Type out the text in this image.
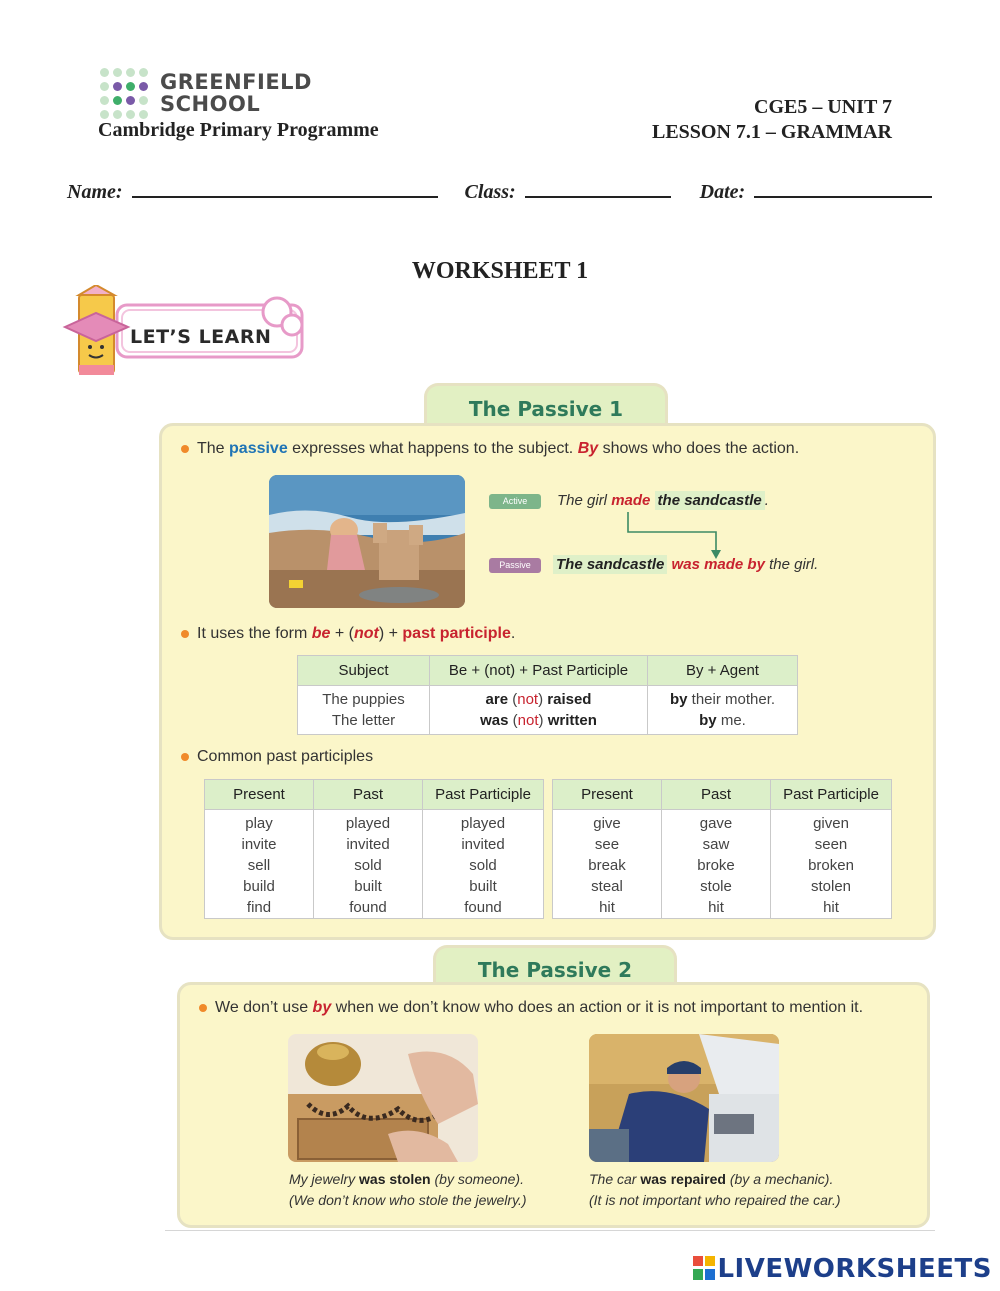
GREENFIELD
SCHOOL
Cambridge Primary Programme
CGE5 – UNIT 7
LESSON 7.1 – GRAMMAR
Name:	Class:	Date:
WORKSHEET 1
LET’S LEARN
The Passive 1
The passive expresses what happens to the subject. By shows who does the action.
Active	The girl made the sandcastle .
Passive	The sandcastle was made by the girl.
It uses the form be + (not) + past participle.
Subject	Be + (not) + Past Participle	By + Agent
The puppies	are (not) raised	by their mother.
The letter	was (not) written	by me.
Common past participles
Present	Past	Past Participle
play	played	played
invite	invited	invited
sell	sold	sold
build	built	built
find	found	found
Present	Past	Past Participle
give	gave	given
see	saw	seen
break	broke	broken
steal	stole	stolen
hit	hit	hit
The Passive 2
We don’t use by when we don’t know who does an action or it is not important to mention it.
My jewelry was stolen (by someone).
(We don’t know who stole the jewelry.)
The car was repaired (by a mechanic).
(It is not important who repaired the car.)
LIVEWORKSHEETS
